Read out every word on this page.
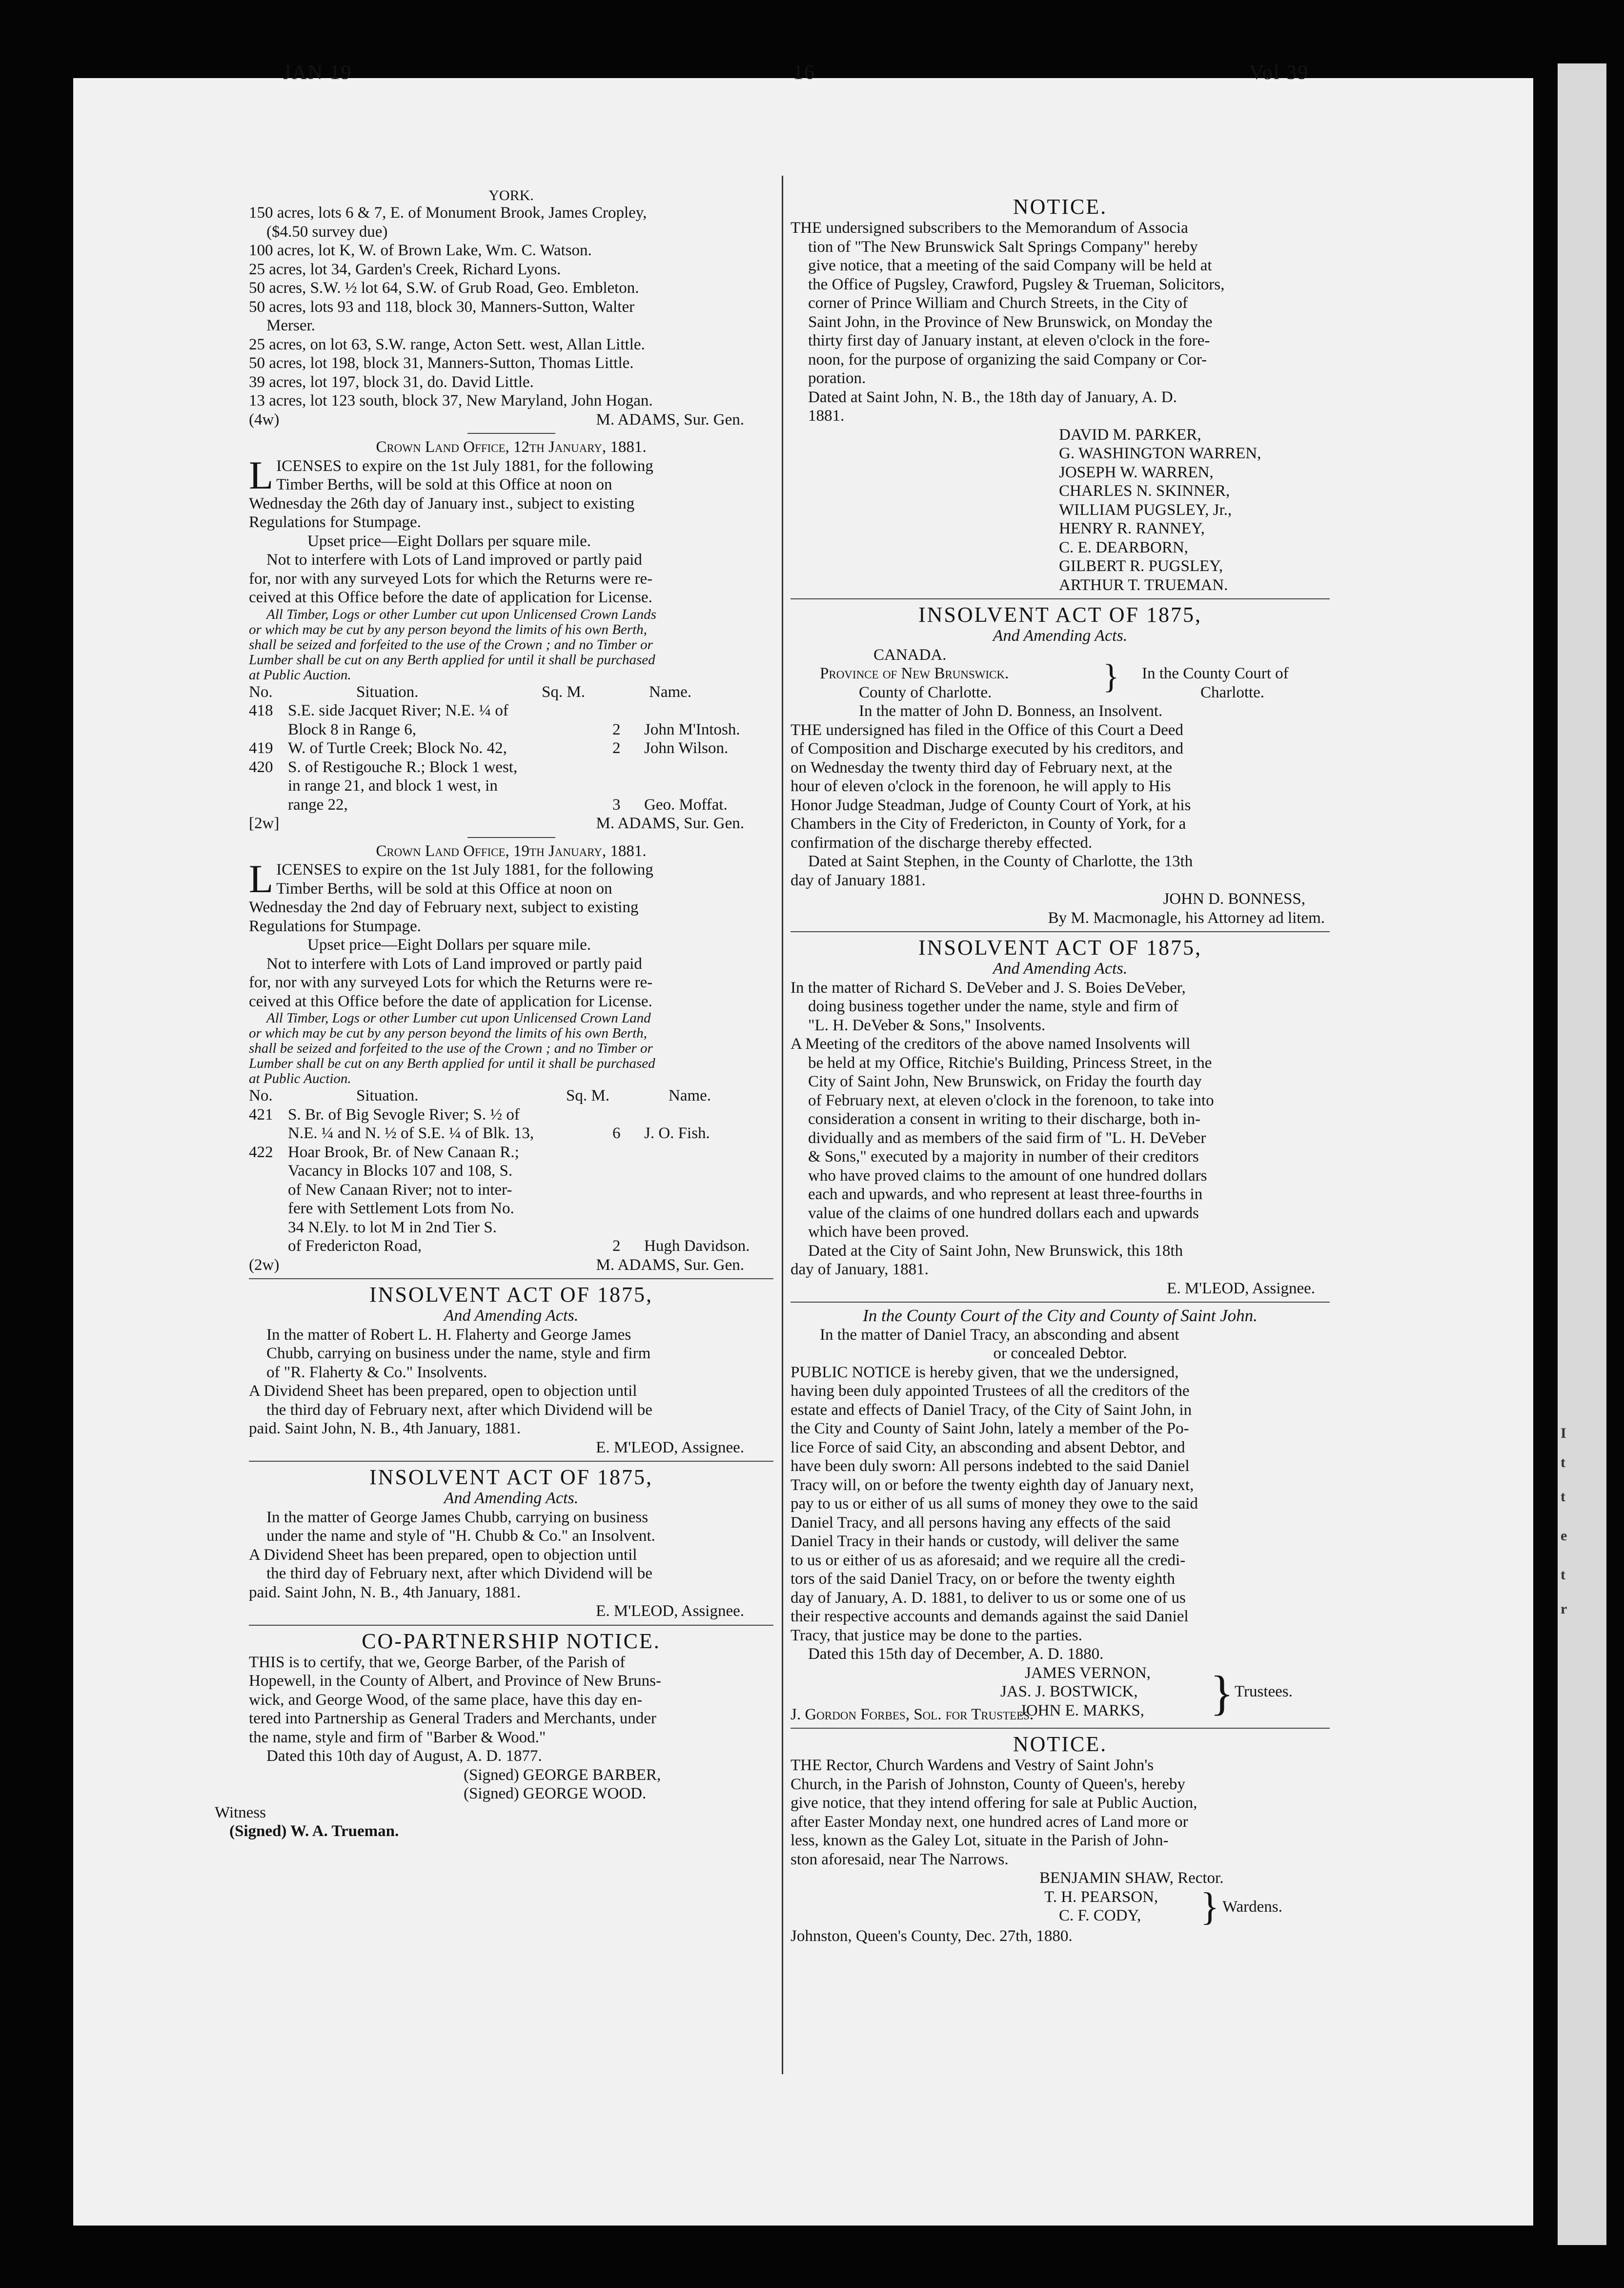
I
t
t
e
t
r
JAN 19	16	Vol 39
YORK.
150 acres, lots 6 & 7, E. of Monument Brook, James Cropley,
($4.50 survey due)
100 acres, lot K, W. of Brown Lake, Wm. C. Watson.
25 acres, lot 34, Garden's Creek, Richard Lyons.
50 acres, S.W. ½ lot 64, S.W. of Grub Road, Geo. Embleton.
50 acres, lots 93 and 118, block 30, Manners-Sutton, Walter
Merser.
25 acres, on lot 63, S.W. range, Acton Sett. west, Allan Little.
50 acres, lot 198, block 31, Manners-Sutton, Thomas Little.
39 acres, lot 197, block 31, do. David Little.
13 acres, lot 123 south, block 37, New Maryland, John Hogan.
(4w)	M. ADAMS, Sur. Gen.
Crown Land Office, 12th January, 1881.
L ICENSES to expire on the 1st July 1881, for the following
Timber Berths, will be sold at this Office at noon on
Wednesday the 26th day of January inst., subject to existing
Regulations for Stumpage.
Upset price—Eight Dollars per square mile.
Not to interfere with Lots of Land improved or partly paid
for, nor with any surveyed Lots for which the Returns were re-
ceived at this Office before the date of application for License.
All Timber, Logs or other Lumber cut upon Unlicensed Crown Lands
or which may be cut by any person beyond the limits of his own Berth,
shall be seized and forfeited to the use of the Crown ; and no Timber or
Lumber shall be cut on any Berth applied for until it shall be purchased
at Public Auction.
No.	Situation.	Sq. M.	Name.
418 S.E. side Jacquet River; N.E. ¼ of
Block 8 in Range 6,	2 John M'Intosh.
419 W. of Turtle Creek; Block No. 42,	2 John Wilson.
420 S. of Restigouche R.; Block 1 west,
in range 21, and block 1 west, in
range 22,	3 Geo. Moffat.
[2w]	M. ADAMS, Sur. Gen.
Crown Land Office, 19th January, 1881.
L ICENSES to expire on the 1st July 1881, for the following
Timber Berths, will be sold at this Office at noon on
Wednesday the 2nd day of February next, subject to existing
Regulations for Stumpage.
Upset price—Eight Dollars per square mile.
Not to interfere with Lots of Land improved or partly paid
for, nor with any surveyed Lots for which the Returns were re-
ceived at this Office before the date of application for License.
All Timber, Logs or other Lumber cut upon Unlicensed Crown Land
or which may be cut by any person beyond the limits of his own Berth,
shall be seized and forfeited to the use of the Crown ; and no Timber or
Lumber shall be cut on any Berth applied for until it shall be purchased
at Public Auction.
No.	Situation.	Sq. M.	Name.
421 S. Br. of Big Sevogle River; S. ½ of
N.E. ¼ and N. ½ of S.E. ¼ of Blk. 13,	6 J. O. Fish.
422 Hoar Brook, Br. of New Canaan R.;
Vacancy in Blocks 107 and 108, S.
of New Canaan River; not to inter-
fere with Settlement Lots from No.
34 N.Ely. to lot M in 2nd Tier S.
of Fredericton Road,	2 Hugh Davidson.
(2w)	M. ADAMS, Sur. Gen.
INSOLVENT ACT OF 1875,
And Amending Acts.
In the matter of Robert L. H. Flaherty and George James
Chubb, carrying on business under the name, style and firm
of "R. Flaherty & Co." Insolvents.
A Dividend Sheet has been prepared, open to objection until
the third day of February next, after which Dividend will be
paid. Saint John, N. B., 4th January, 1881.
E. M'LEOD, Assignee.
INSOLVENT ACT OF 1875,
And Amending Acts.
In the matter of George James Chubb, carrying on business
under the name and style of "H. Chubb & Co." an Insolvent.
A Dividend Sheet has been prepared, open to objection until
the third day of February next, after which Dividend will be
paid. Saint John, N. B., 4th January, 1881.
E. M'LEOD, Assignee.
CO-PARTNERSHIP NOTICE.
THIS is to certify, that we, George Barber, of the Parish of
Hopewell, in the County of Albert, and Province of New Bruns-
wick, and George Wood, of the same place, have this day en-
tered into Partnership as General Traders and Merchants, under
the name, style and firm of "Barber & Wood."
Dated this 10th day of August, A. D. 1877.
(Signed) GEORGE BARBER,
(Signed) GEORGE WOOD.
Witness
(Signed) W. A. Trueman.
NOTICE.
THE undersigned subscribers to the Memorandum of Associa
tion of "The New Brunswick Salt Springs Company" hereby
give notice, that a meeting of the said Company will be held at
the Office of Pugsley, Crawford, Pugsley & Trueman, Solicitors,
corner of Prince William and Church Streets, in the City of
Saint John, in the Province of New Brunswick, on Monday the
thirty first day of January instant, at eleven o'clock in the fore-
noon, for the purpose of organizing the said Company or Cor-
poration.
Dated at Saint John, N. B., the 18th day of January, A. D.
1881.
DAVID M. PARKER,
G. WASHINGTON WARREN,
JOSEPH W. WARREN,
CHARLES N. SKINNER,
WILLIAM PUGSLEY, Jr.,
HENRY R. RANNEY,
C. E. DEARBORN,
GILBERT R. PUGSLEY,
ARTHUR T. TRUEMAN.
INSOLVENT ACT OF 1875,
And Amending Acts.
CANADA.
Province of New Brunswick.	} In the County Court of
County of Charlotte.	Charlotte.
In the matter of John D. Bonness, an Insolvent.
THE undersigned has filed in the Office of this Court a Deed
of Composition and Discharge executed by his creditors, and
on Wednesday the twenty third day of February next, at the
hour of eleven o'clock in the forenoon, he will apply to His
Honor Judge Steadman, Judge of County Court of York, at his
Chambers in the City of Fredericton, in County of York, for a
confirmation of the discharge thereby effected.
Dated at Saint Stephen, in the County of Charlotte, the 13th
day of January 1881.
JOHN D. BONNESS,
By M. Macmonagle, his Attorney ad litem.
INSOLVENT ACT OF 1875,
And Amending Acts.
In the matter of Richard S. DeVeber and J. S. Boies DeVeber,
doing business together under the name, style and firm of
"L. H. DeVeber & Sons," Insolvents.
A Meeting of the creditors of the above named Insolvents will
be held at my Office, Ritchie's Building, Princess Street, in the
City of Saint John, New Brunswick, on Friday the fourth day
of February next, at eleven o'clock in the forenoon, to take into
consideration a consent in writing to their discharge, both in-
dividually and as members of the said firm of "L. H. DeVeber
& Sons," executed by a majority in number of their creditors
who have proved claims to the amount of one hundred dollars
each and upwards, and who represent at least three-fourths in
value of the claims of one hundred dollars each and upwards
which have been proved.
Dated at the City of Saint John, New Brunswick, this 18th
day of January, 1881.
E. M'LEOD, Assignee.
In the County Court of the City and County of Saint John.
In the matter of Daniel Tracy, an absconding and absent
or concealed Debtor.
PUBLIC NOTICE is hereby given, that we the undersigned,
having been duly appointed Trustees of all the creditors of the
estate and effects of Daniel Tracy, of the City of Saint John, in
the City and County of Saint John, lately a member of the Po-
lice Force of said City, an absconding and absent Debtor, and
have been duly sworn: All persons indebted to the said Daniel
Tracy will, on or before the twenty eighth day of January next,
pay to us or either of us all sums of money they owe to the said
Daniel Tracy, and all persons having any effects of the said
Daniel Tracy in their hands or custody, will deliver the same
to us or either of us as aforesaid; and we require all the credi-
tors of the said Daniel Tracy, on or before the twenty eighth
day of January, A. D. 1881, to deliver to us or some one of us
their respective accounts and demands against the said Daniel
Tracy, that justice may be done to the parties.
Dated this 15th day of December, A. D. 1880.
JAMES VERNON,
JAS. J. BOSTWICK,
JOHN E. MARKS, } Trustees.
J. Gordon Forbes, Sol. for Trustees.
NOTICE.
THE Rector, Church Wardens and Vestry of Saint John's
Church, in the Parish of Johnston, County of Queen's, hereby
give notice, that they intend offering for sale at Public Auction,
after Easter Monday next, one hundred acres of Land more or
less, known as the Galey Lot, situate in the Parish of John-
ston aforesaid, near The Narrows.
BENJAMIN SHAW, Rector.
T. H. PEARSON,
C. F. CODY, } Wardens.
Johnston, Queen's County, Dec. 27th, 1880.
